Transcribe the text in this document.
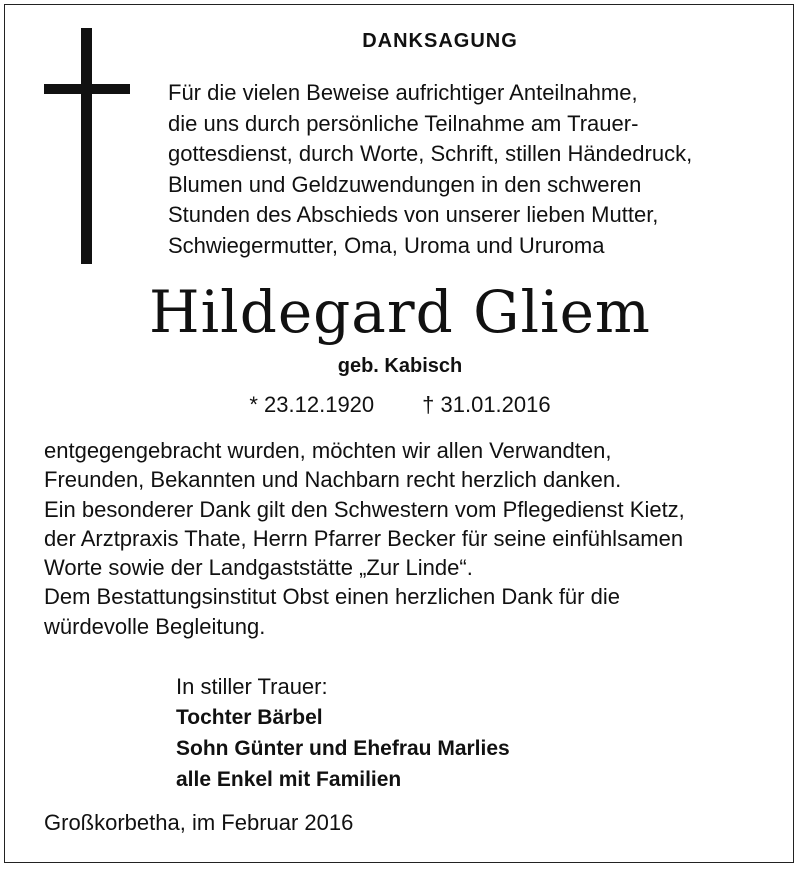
DANKSAGUNG
Für die vielen Beweise aufrichtiger Anteilnahme,
die uns durch persönliche Teilnahme am Trauer-
gottesdienst, durch Worte, Schrift, stillen Händedruck,
Blumen und Geldzuwendungen in den schweren
Stunden des Abschieds von unserer lieben Mutter,
Schwiegermutter, Oma, Uroma und Ururoma
Hildegard Gliem
geb. Kabisch
* 23.12.1920 † 31.01.2016
entgegengebracht wurden, möchten wir allen Verwandten,
Freunden, Bekannten und Nachbarn recht herzlich danken.
Ein besonderer Dank gilt den Schwestern vom Pflegedienst Kietz,
der Arztpraxis Thate, Herrn Pfarrer Becker für seine einfühlsamen
Worte sowie der Landgaststätte „Zur Linde“.
Dem Bestattungsinstitut Obst einen herzlichen Dank für die
würdevolle Begleitung.
In stiller Trauer:
Tochter Bärbel
Sohn Günter und Ehefrau Marlies
alle Enkel mit Familien
Großkorbetha, im Februar 2016
